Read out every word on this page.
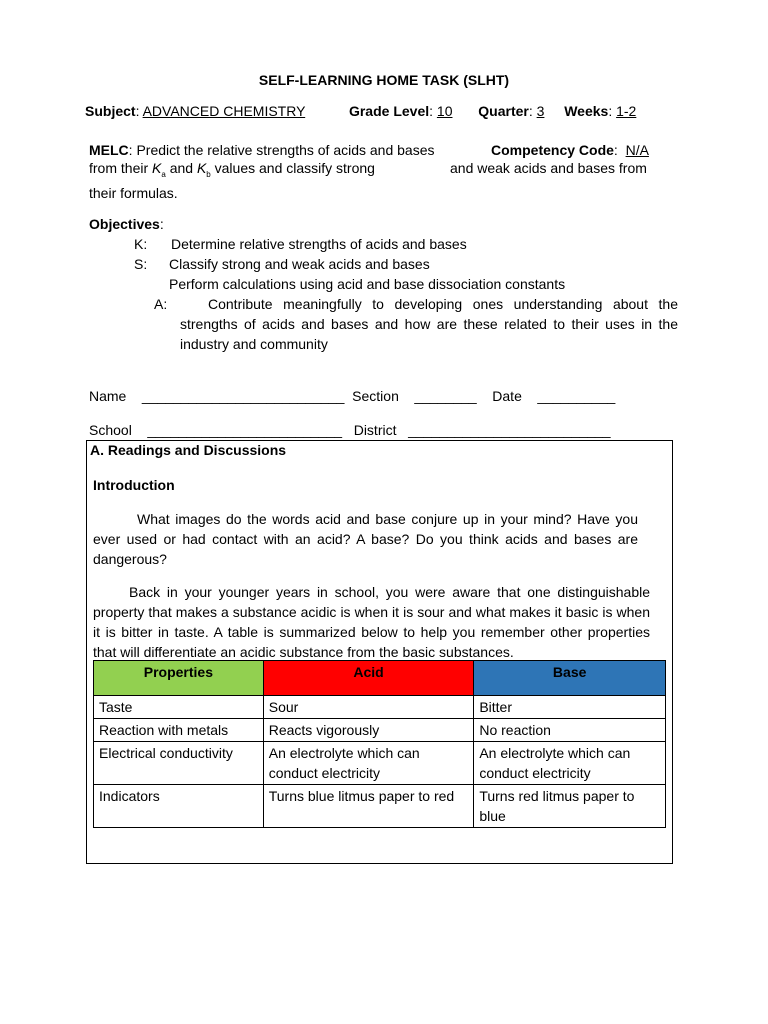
SELF-LEARNING HOME TASK (SLHT)
Subject: ADVANCED CHEMISTRY	Grade Level: 10 Quarter: 3 Weeks: 1-2
MELC: Predict the relative strengths of acids and bases	Competency Code:  N/A
from their $K_a$ and $K_b$ values and classify strong	and weak acids and bases from
their formulas.
Objectives:
K: Determine relative strengths of acids and bases
S: Classify strong and weak acids and bases
Perform calculations using acid and base dissociation constants
A:	Contribute meaningfully to developing ones understanding about the strengths of acids and bases and how are these related to their uses in the industry and community
Name __________________________ Section ________ Date __________
School _________________________ District __________________________
A. Readings and Discussions
Introduction
What images do the words acid and base conjure up in your mind? Have you ever used or had contact with an acid? A base? Do you think acids and bases are dangerous?
Back in your younger years in school, you were aware that one distinguishable property that makes a substance acidic is when it is sour and what makes it basic is when it is bitter in taste. A table is summarized below to help you remember other properties that will differentiate an acidic substance from the basic substances.
Properties	Acid	Base
Taste	Sour	Bitter
Reaction with metals	Reacts vigorously	No reaction
Electrical conductivity	An electrolyte which can conduct electricity	An electrolyte which can conduct electricity
Indicators	Turns blue litmus paper to red	Turns red litmus paper to blue
